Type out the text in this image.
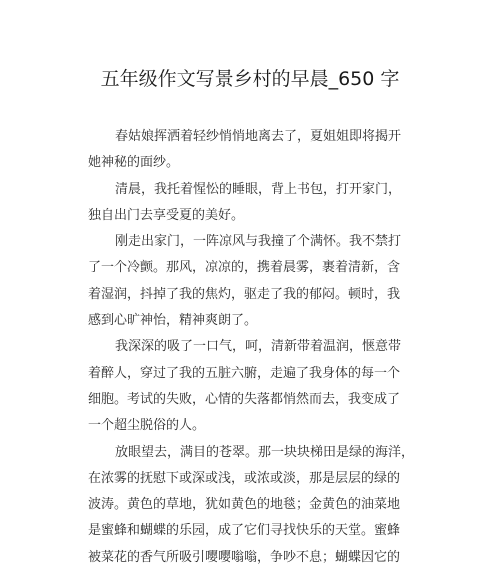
五年级作文写景乡村的早晨_650 字

春姑娘挥洒着轻纱悄悄地离去了，夏姐姐即将揭开
她神秘的面纱。

清晨，我托着惺忪的睡眼，背上书包，打开家门，
独自出门去享受夏的美好。

刚走出家门，一阵凉风与我撞了个满怀。我不禁打
了一个冷颤。那风，凉凉的，携着晨雾，裹着清新，含
着湿润，抖掉了我的焦灼，驱走了我的郁闷。顿时，我
感到心旷神怡，精神爽朗了。

我深深的吸了一口气，呵，清新带着温润，惬意带
着醉人，穿过了我的五脏六腑，走遍了我身体的每一个
细胞。考试的失败，心情的失落都悄然而去，我变成了
一个超尘脱俗的人。

放眼望去，满目的苍翠。那一块块梯田是绿的海洋，
在浓雾的抚慰下或深或浅，或浓或淡，那是层层的绿的
波涛。黄色的草地，犹如黄色的地毯；金黄色的油菜地
是蜜蜂和蝴蝶的乐园，成了它们寻找快乐的天堂。蜜蜂
被菜花的香气所吸引嘤嘤嗡嗡，争吵不息；蝴蝶因它的
